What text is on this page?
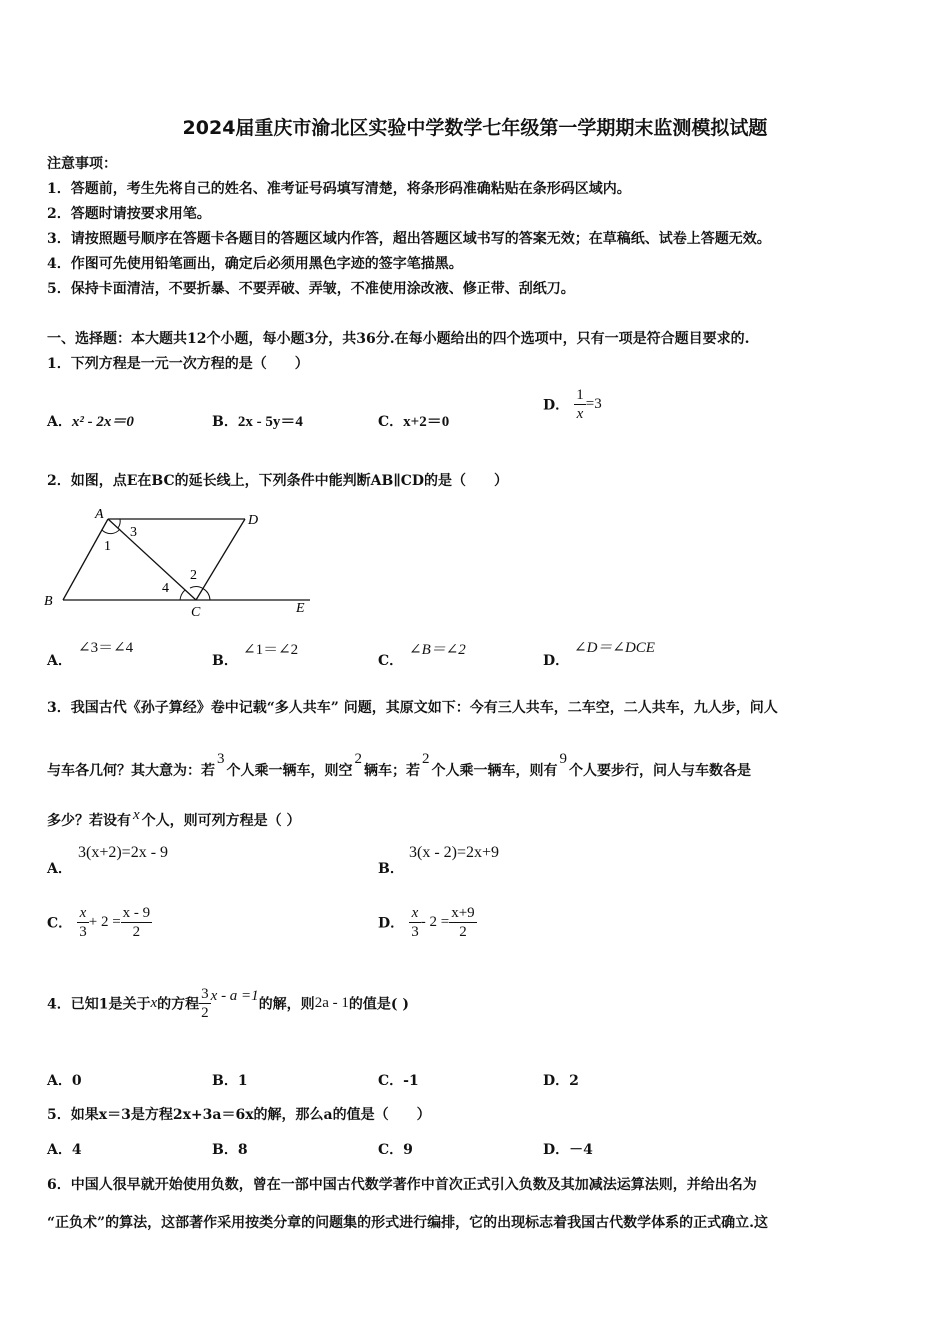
2024届重庆市渝北区实验中学数学七年级第一学期期末监测模拟试题
注意事项：
1．答题前，考生先将自己的姓名、准考证号码填写清楚，将条形码准确粘贴在条形码区域内。
2．答题时请按要求用笔。
3．请按照题号顺序在答题卡各题目的答题区域内作答，超出答题区域书写的答案无效；在草稿纸、试卷上答题无效。
4．作图可先使用铅笔画出，确定后必须用黑色字迹的签字笔描黑。
5．保持卡面清洁，不要折暴、不要弄破、弄皱，不准使用涂改液、修正带、刮纸刀。
一、选择题：本大题共12个小题，每小题3分，共36分.在每小题给出的四个选项中，只有一项是符合题目要求的.
1．下列方程是一元一次方程的是（　　）
A．x² - 2x＝0	B．2x - 5y＝4	C．x+2＝0
D． $\frac{1}{x} =3$
2．如图，点E在BC的延长线上，下列条件中能判断AB∥CD的是（　　）
A
B
C
D
E
1
3
2
4
A．
∠3＝∠4
B．
∠1＝∠2
C．
∠B＝∠2
D．
∠D＝∠DCE
3．我国古代《孙子算经》卷中记载“多人共车” 问题，其原文如下：今有三人共车，二车空，二人共车，九人步，问人
与车各几何？其大意为：若3个人乘一辆车，则空2辆车；若2个人乘一辆车，则有9个人要步行，问人与车数各是
多少？若设有 x 个人，则可列方程是（ ）
A．
3(x+2)=2x - 9
B．
3(x - 2)=2x+9
C． $\frac{x}{3} + 2 = \frac{x - 9}{2}$	D． $\frac{x}{3} - 2 = \frac{x+9}{2}$
4．已知1是关于x的方程 $\frac{3}{2}$ x - a =1的解，则2a - 1的值是( )
A．0	B．1	C．-1	D．2
5．如果x＝3是方程2x+3a＝6x的解，那么a的值是（　　）
A．4	B．8	C．9	D．－4
6．中国人很早就开始使用负数，曾在一部中国古代数学著作中首次正式引入负数及其加减法运算法则，并给出名为
“正负术”的算法，这部著作采用按类分章的问题集的形式进行编排，它的出现标志着我国古代数学体系的正式确立.这
